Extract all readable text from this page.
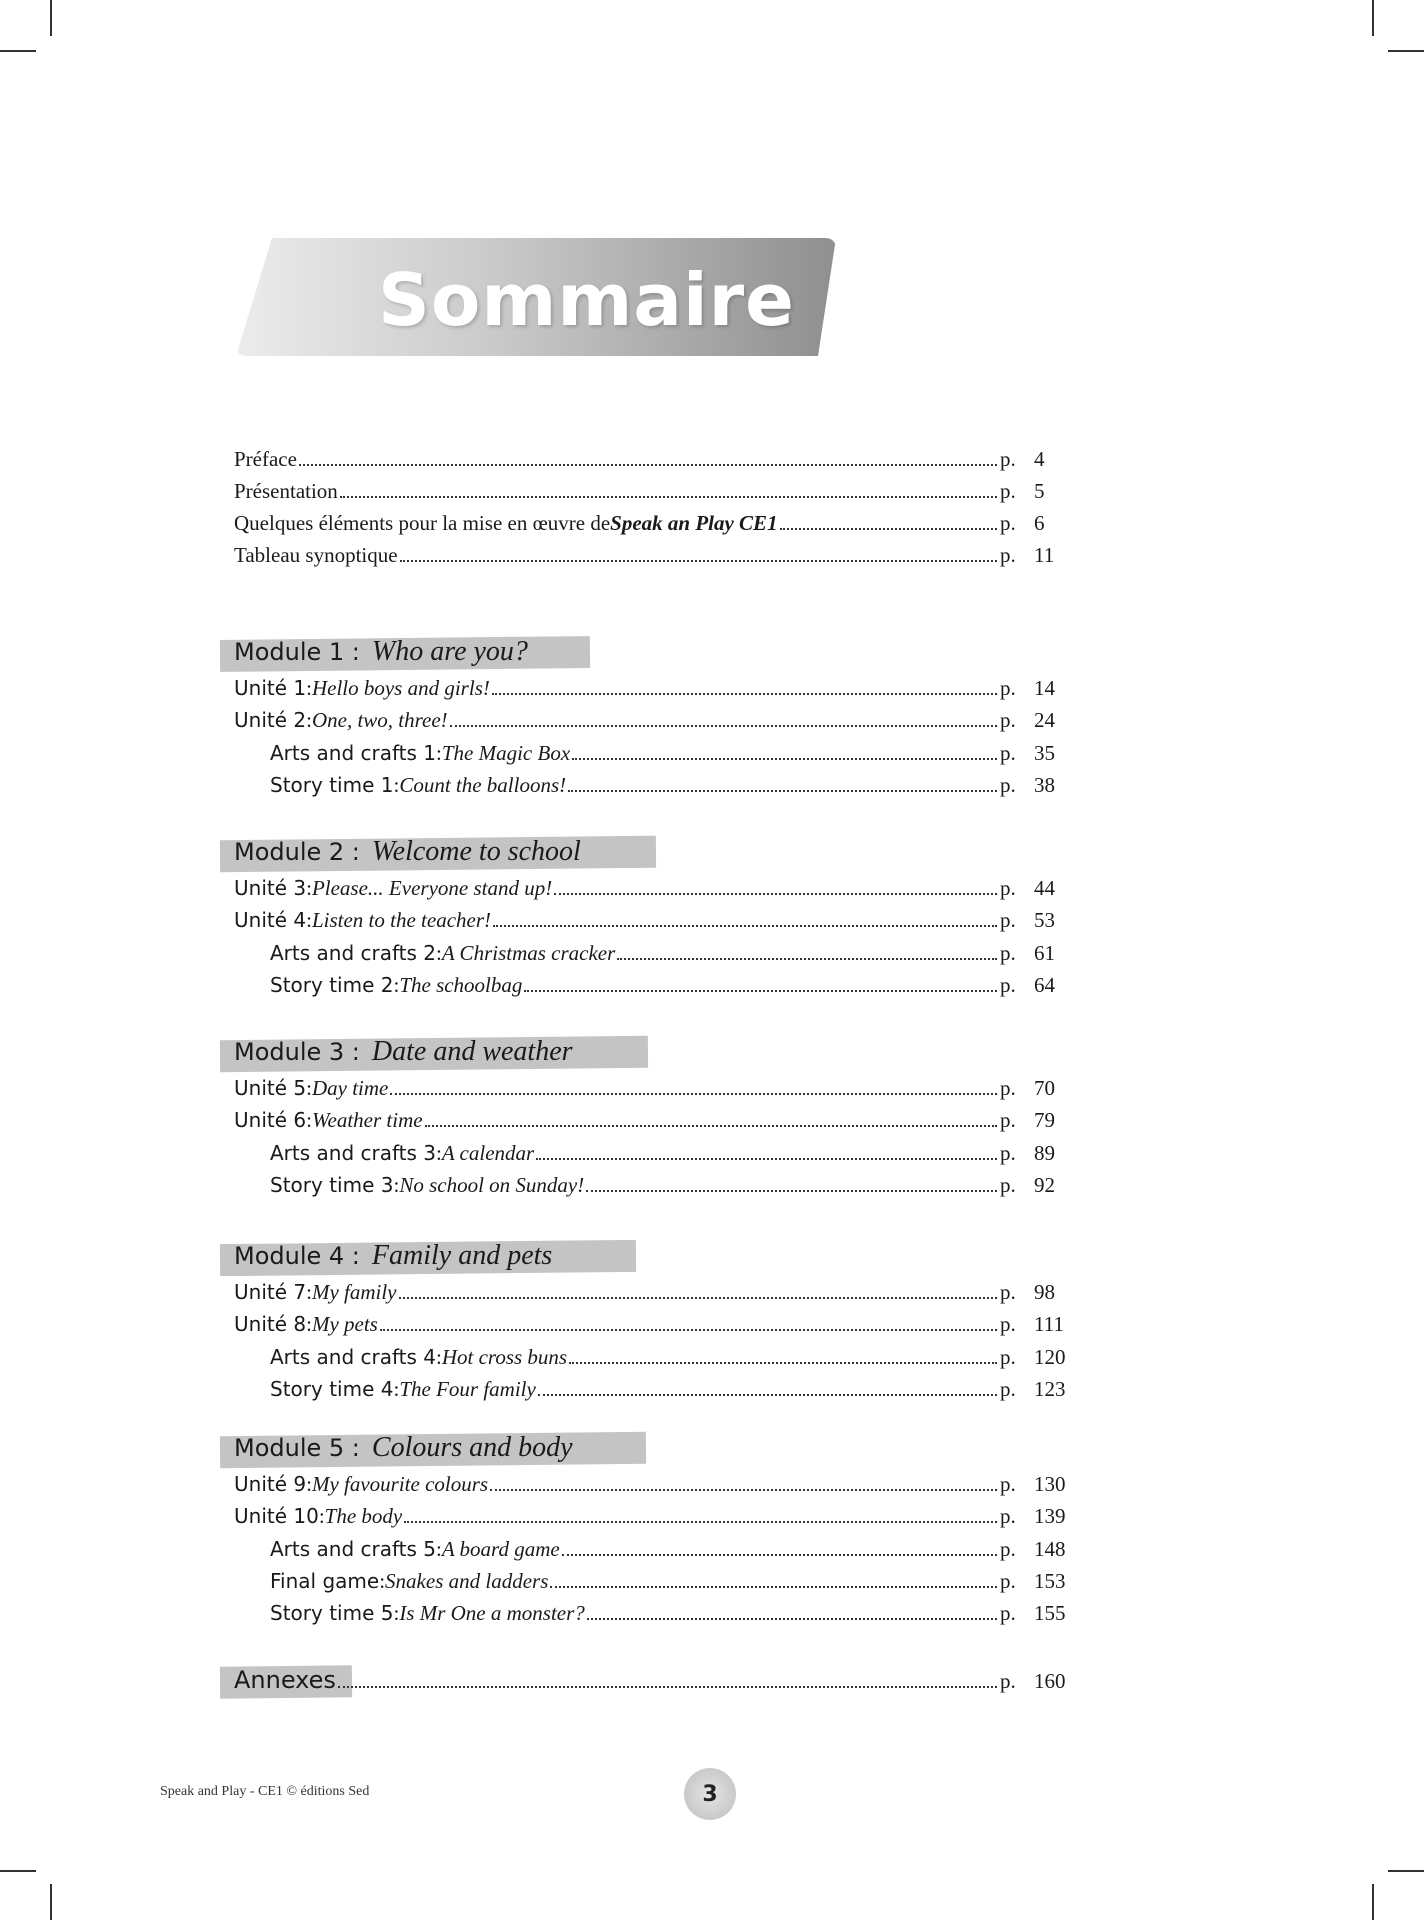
Sommaire
Préface	p. 4
Présentation	p. 5
Quelques éléments pour la mise en œuvre de Speak an Play CE1	p. 6
Tableau synoptique	p. 11
Module 1 : Who are you?
Unité 1 : Hello boys and girls!	p. 14
Unité 2 : One, two, three!	p. 24
Arts and crafts 1 : The Magic Box	p. 35
Story time 1 : Count the balloons!	p. 38
Module 2 : Welcome to school
Unité 3 : Please... Everyone stand up!	p. 44
Unité 4 : Listen to the teacher!	p. 53
Arts and crafts 2 : A Christmas cracker	p. 61
Story time 2 : The schoolbag	p. 64
Module 3 : Date and weather
Unité 5 : Day time	p. 70
Unité 6 : Weather time	p. 79
Arts and crafts 3 : A calendar	p. 89
Story time 3 : No school on Sunday!	p. 92
Module 4 : Family and pets
Unité 7 : My family	p. 98
Unité 8 : My pets	p. 111
Arts and crafts 4 : Hot cross buns	p. 120
Story time 4 : The Four family	p. 123
Module 5 : Colours and body
Unité 9 : My favourite colours	p. 130
Unité 10 : The body	p. 139
Arts and crafts 5 : A board game	p. 148
Final game : Snakes and ladders	p. 153
Story time 5 : Is Mr One a monster?	p. 155
Annexes	p. 160
Speak and Play - CE1 © éditions Sed	3
